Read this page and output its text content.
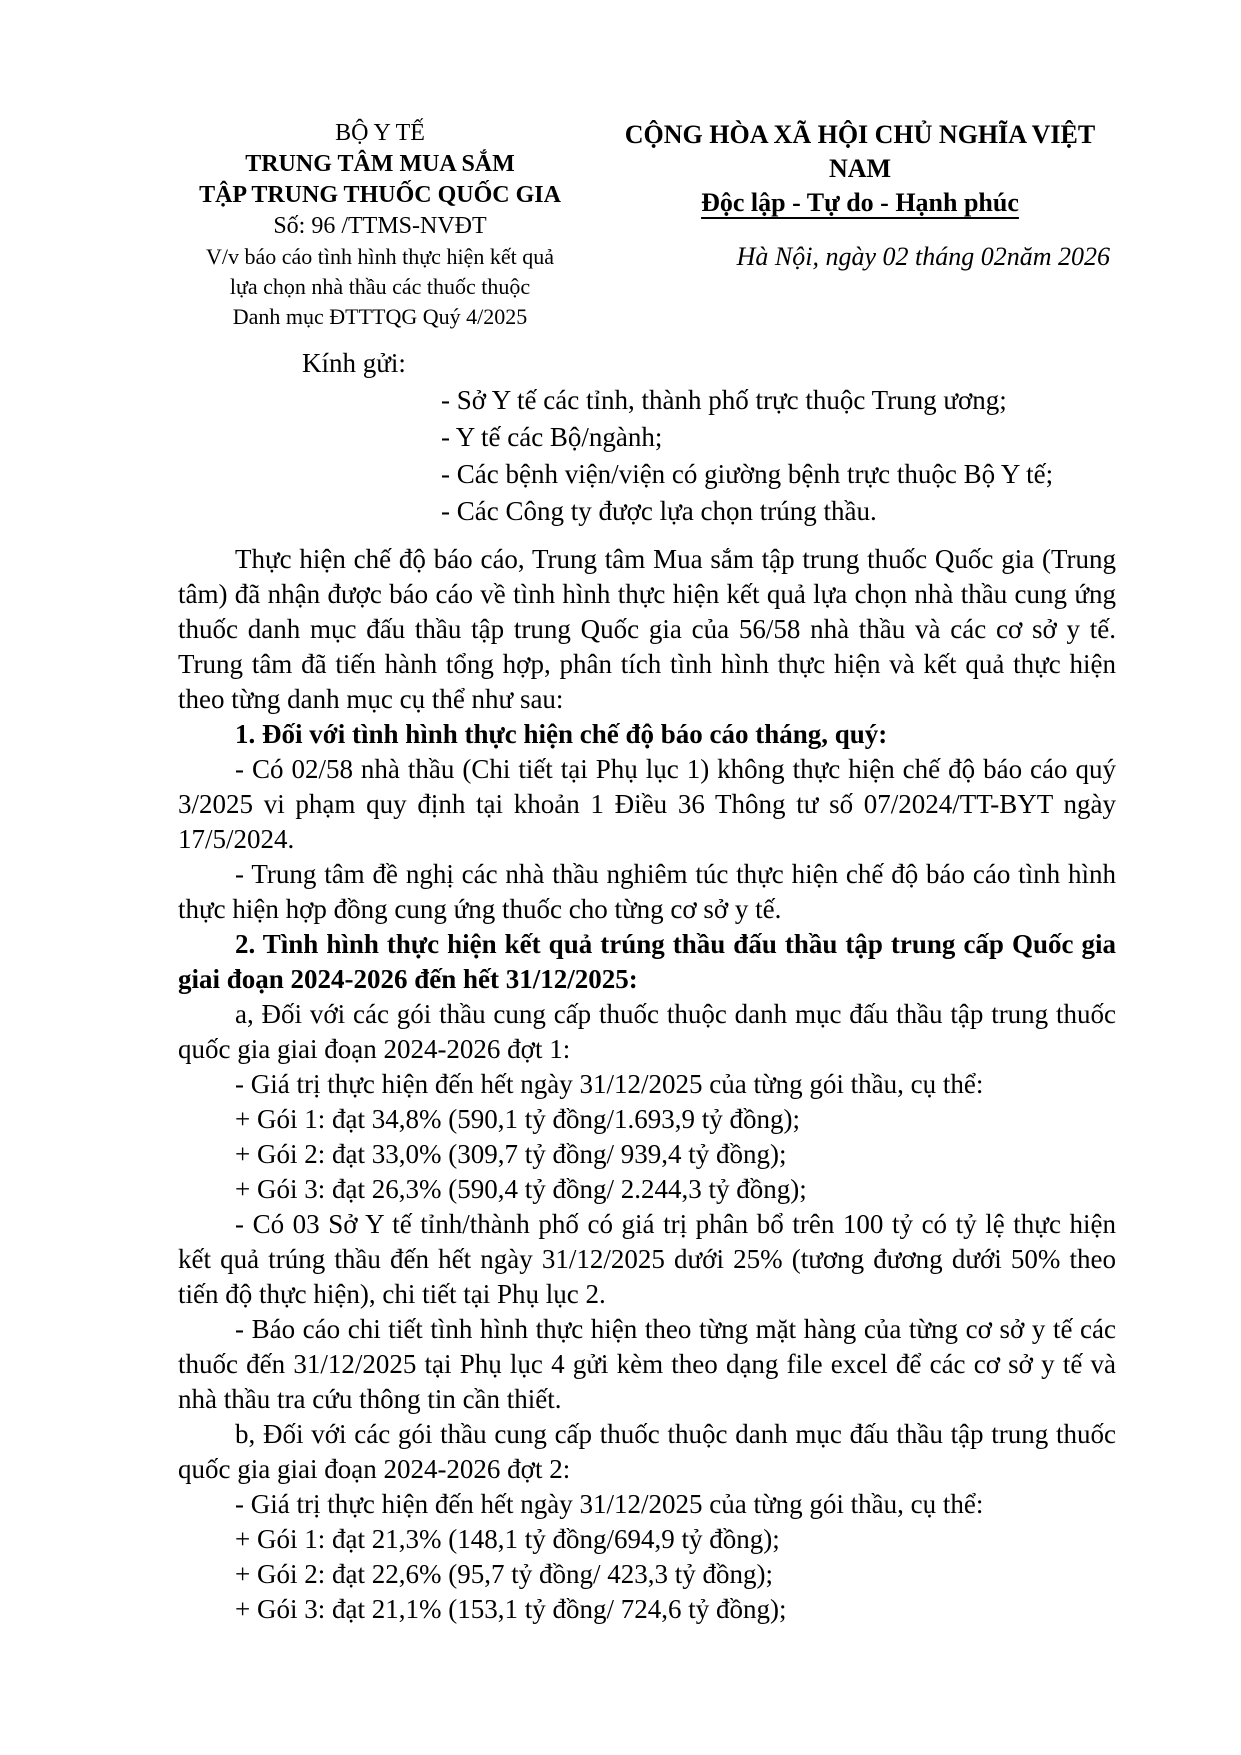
BỘ Y TẾ
TRUNG TÂM MUA SẮM
TẬP TRUNG THUỐC QUỐC GIA
Số: 96 /TTMS-NVĐT
V/v báo cáo tình hình thực hiện kết quả
lựa chọn nhà thầu các thuốc thuộc
Danh mục ĐTTTQG Quý 4/2025
CỘNG HÒA XÃ HỘI CHỦ NGHĨA VIỆT NAM
Độc lập - Tự do - Hạnh phúc
Hà Nội, ngày 02 tháng 02năm 2026
Kính gửi:
- Sở Y tế các tỉnh, thành phố trực thuộc Trung ương;
- Y tế các Bộ/ngành;
- Các bệnh viện/viện có giường bệnh trực thuộc Bộ Y tế;
- Các Công ty được lựa chọn trúng thầu.

Thực hiện chế độ báo cáo, Trung tâm Mua sắm tập trung thuốc Quốc gia (Trung tâm) đã nhận được báo cáo về tình hình thực hiện kết quả lựa chọn nhà thầu cung ứng thuốc danh mục đấu thầu tập trung Quốc gia của 56/58 nhà thầu và các cơ sở y tế. Trung tâm đã tiến hành tổng hợp, phân tích tình hình thực hiện và kết quả thực hiện theo từng danh mục cụ thể như sau:

1. Đối với tình hình thực hiện chế độ báo cáo tháng, quý:

- Có 02/58 nhà thầu (Chi tiết tại Phụ lục 1) không thực hiện chế độ báo cáo quý 3/2025 vi phạm quy định tại khoản 1 Điều 36 Thông tư số 07/2024/TT-BYT ngày 17/5/2024.

- Trung tâm đề nghị các nhà thầu nghiêm túc thực hiện chế độ báo cáo tình hình thực hiện hợp đồng cung ứng thuốc cho từng cơ sở y tế.

2. Tình hình thực hiện kết quả trúng thầu đấu thầu tập trung cấp Quốc gia giai đoạn 2024-2026 đến hết 31/12/2025:

a, Đối với các gói thầu cung cấp thuốc thuộc danh mục đấu thầu tập trung thuốc quốc gia giai đoạn 2024-2026 đợt 1:

- Giá trị thực hiện đến hết ngày 31/12/2025 của từng gói thầu, cụ thể:

+ Gói 1: đạt 34,8% (590,1 tỷ đồng/1.693,9 tỷ đồng);

+ Gói 2: đạt 33,0% (309,7 tỷ đồng/ 939,4 tỷ đồng);

+ Gói 3: đạt 26,3% (590,4 tỷ đồng/ 2.244,3 tỷ đồng);

- Có 03 Sở Y tế tỉnh/thành phố có giá trị phân bổ trên 100 tỷ có tỷ lệ thực hiện kết quả trúng thầu đến hết ngày 31/12/2025 dưới 25% (tương đương dưới 50% theo tiến độ thực hiện), chi tiết tại Phụ lục 2.

- Báo cáo chi tiết tình hình thực hiện theo từng mặt hàng của từng cơ sở y tế các thuốc đến 31/12/2025 tại Phụ lục 4 gửi kèm theo dạng file excel để các cơ sở y tế và nhà thầu tra cứu thông tin cần thiết.

b, Đối với các gói thầu cung cấp thuốc thuộc danh mục đấu thầu tập trung thuốc quốc gia giai đoạn 2024-2026 đợt 2:

- Giá trị thực hiện đến hết ngày 31/12/2025 của từng gói thầu, cụ thể:

+ Gói 1: đạt 21,3% (148,1 tỷ đồng/694,9 tỷ đồng);

+ Gói 2: đạt 22,6% (95,7 tỷ đồng/ 423,3 tỷ đồng);

+ Gói 3: đạt 21,1% (153,1 tỷ đồng/ 724,6 tỷ đồng);
